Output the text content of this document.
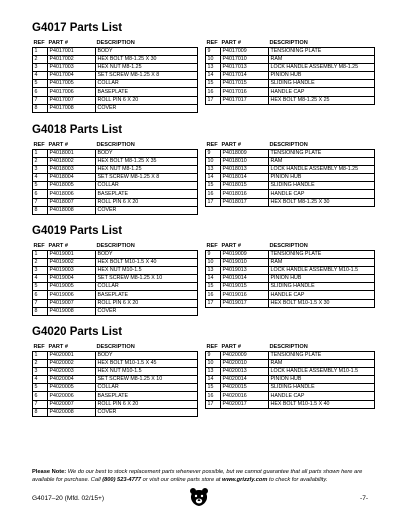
G4017 Parts List
REF	PART #	DESCRIPTION
1	P4017001	BODY
2	P4017002	HEX BOLT M8-1.25 X 30
3	P4017003	HEX NUT M8-1.25
4	P4017004	SET SCREW M8-1.25 X 8
5	P4017005	COLLAR
6	P4017006	BASEPLATE
7	P4017007	ROLL PIN 6 X 20
8	P4017008	COVER
REF	PART #	DESCRIPTION
9	P4017009	TENSIONING PLATE
10	P4017010	RAM
13	P4017013	LOCK HANDLE ASSEMBLY M8-1.25
14	P4017014	PINION HUB
15	P4017015	SLIDING HANDLE
16	P4017016	HANDLE CAP
17	P4017017	HEX BOLT M8-1.25 X 25
G4018 Parts List
REF	PART #	DESCRIPTION
1	P4018001	BODY
2	P4018002	HEX BOLT M8-1.25 X 35
3	P4018003	HEX NUT M8-1.25
4	P4018004	SET SCREW M8-1.25 X 8
5	P4018005	COLLAR
6	P4018006	BASEPLATE
7	P4018007	ROLL PIN 6 X 20
8	P4018008	COVER
REF	PART #	DESCRIPTION
9	P4018009	TENSIONING PLATE
10	P4018010	RAM
13	P4018013	LOCK HANDLE ASSEMBLY M8-1.25
14	P4018014	PINION HUB
15	P4018015	SLIDING HANDLE
16	P4018016	HANDLE CAP
17	P4018017	HEX BOLT M8-1.25 X 30
G4019 Parts List
REF	PART #	DESCRIPTION
1	P4019001	BODY
2	P4019002	HEX BOLT M10-1.5 X 40
3	P4019003	HEX NUT M10-1.5
4	P4019004	SET SCREW M8-1.25 X 10
5	P4019005	COLLAR
6	P4019006	BASEPLATE
7	P4019007	ROLL PIN 6 X 20
8	P4019008	COVER
REF	PART #	DESCRIPTION
9	P4019009	TENSIONING PLATE
10	P4019010	RAM
13	P4019013	LOCK HANDLE ASSEMBLY M10-1.5
14	P4019014	PINION HUB
15	P4019015	SLIDING HANDLE
16	P4019016	HANDLE CAP
17	P4019017	HEX BOLT M10-1.5 X 30
G4020 Parts List
REF	PART #	DESCRIPTION
1	P4020001	BODY
2	P4020002	HEX BOLT M10-1.5 X 45
3	P4020003	HEX NUT M10-1.5
4	P4020004	SET SCREW M8-1.25 X 10
5	P4020005	COLLAR
6	P4020006	BASEPLATE
7	P4020007	ROLL PIN 6 X 20
8	P4020008	COVER
REF	PART #	DESCRIPTION
9	P4020009	TENSIONING PLATE
10	P4020010	RAM
13	P4020013	LOCK HANDLE ASSEMBLY M10-1.5
14	P4020014	PINION HUB
15	P4020015	SLIDING HANDLE
16	P4020016	HANDLE CAP
17	P4020017	HEX BOLT M10-1.5 X 40
Please Note: We do our best to stock replacement parts whenever possible, but we cannot guarantee that all parts shown here are available for purchase. Call (800) 523-4777 or visit our online parts store at www.grizzly.com to check for availability.
G4017–20 (Mfd. 02/15+)	-7-
